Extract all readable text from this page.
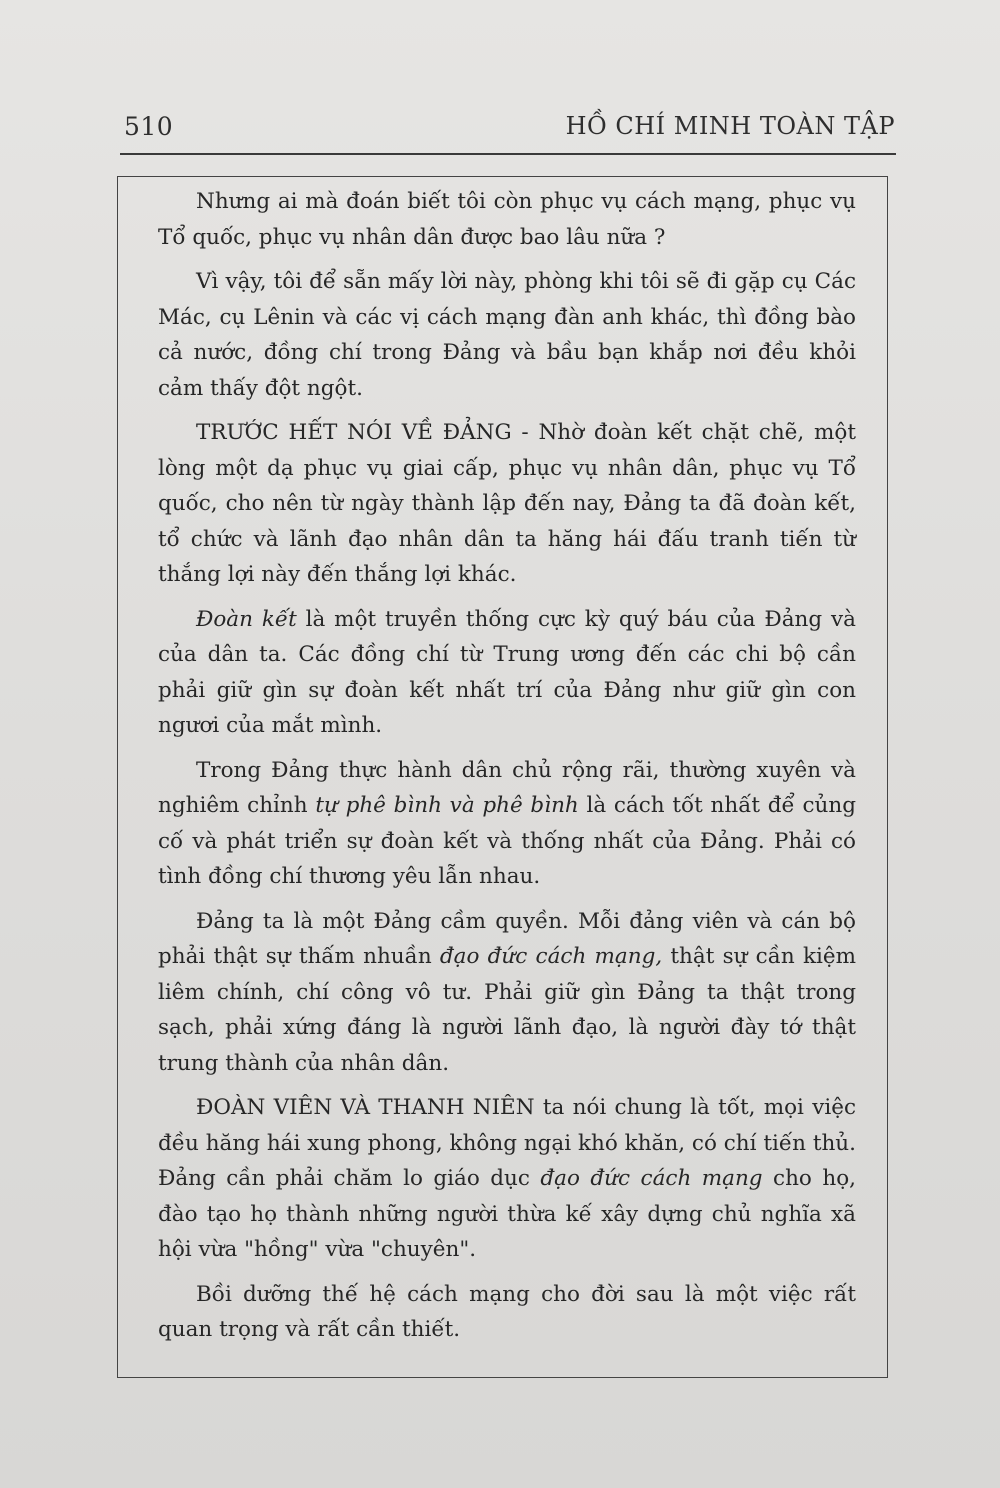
510	HỒ CHÍ MINH TOÀN TẬP

Nhưng ai mà đoán biết tôi còn phục vụ cách mạng, phục vụ Tổ quốc, phục vụ nhân dân được bao lâu nữa ?

Vì vậy, tôi để sẵn mấy lời này, phòng khi tôi sẽ đi gặp cụ Các Mác, cụ Lênin và các vị cách mạng đàn anh khác, thì đồng bào cả nước, đồng chí trong Đảng và bầu bạn khắp nơi đều khỏi cảm thấy đột ngột.

TRƯỚC HẾT NÓI VỀ ĐẢNG - Nhờ đoàn kết chặt chẽ, một lòng một dạ phục vụ giai cấp, phục vụ nhân dân, phục vụ Tổ quốc, cho nên từ ngày thành lập đến nay, Đảng ta đã đoàn kết, tổ chức và lãnh đạo nhân dân ta hăng hái đấu tranh tiến từ thắng lợi này đến thắng lợi khác.

Đoàn kết là một truyền thống cực kỳ quý báu của Đảng và của dân ta. Các đồng chí từ Trung ương đến các chi bộ cần phải giữ gìn sự đoàn kết nhất trí của Đảng như giữ gìn con ngươi của mắt mình.

Trong Đảng thực hành dân chủ rộng rãi, thường xuyên và nghiêm chỉnh tự phê bình và phê bình là cách tốt nhất để củng cố và phát triển sự đoàn kết và thống nhất của Đảng. Phải có tình đồng chí thương yêu lẫn nhau.

Đảng ta là một Đảng cầm quyền. Mỗi đảng viên và cán bộ phải thật sự thấm nhuần đạo đức cách mạng, thật sự cần kiệm liêm chính, chí công vô tư. Phải giữ gìn Đảng ta thật trong sạch, phải xứng đáng là người lãnh đạo, là người đày tớ thật trung thành của nhân dân.

ĐOÀN VIÊN VÀ THANH NIÊN ta nói chung là tốt, mọi việc đều hăng hái xung phong, không ngại khó khăn, có chí tiến thủ. Đảng cần phải chăm lo giáo dục đạo đức cách mạng cho họ, đào tạo họ thành những người thừa kế xây dựng chủ nghĩa xã hội vừa "hồng" vừa "chuyên".

Bồi dưỡng thế hệ cách mạng cho đời sau là một việc rất quan trọng và rất cần thiết.
